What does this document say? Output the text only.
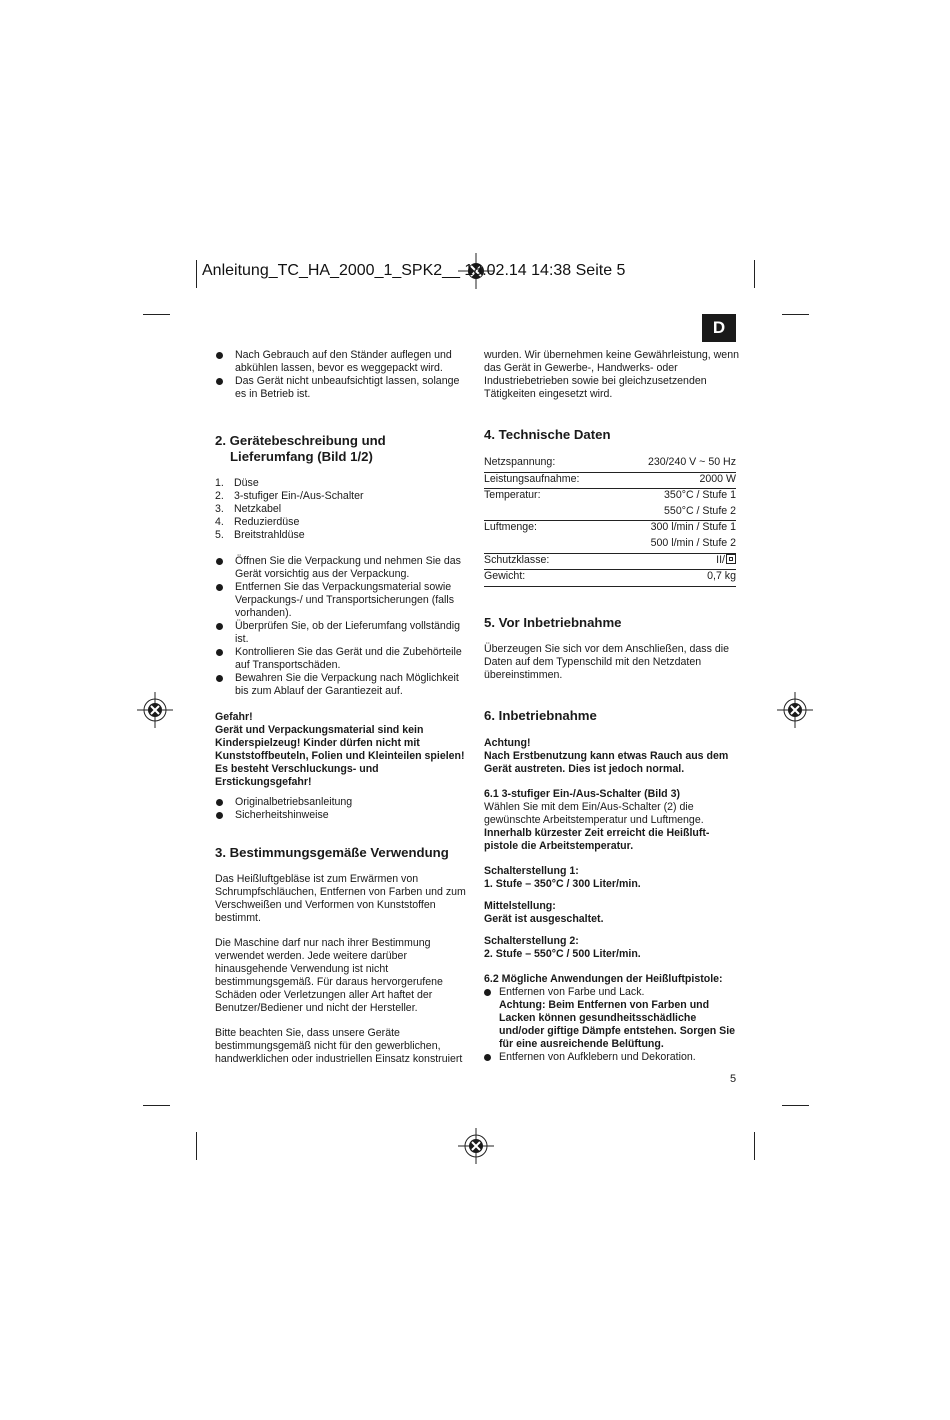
Anleitung_TC_HA_2000_1_SPK2__ 18.02.14 14:38 Seite 5
D
Nach Gebrauch auf den Ständer auflegen und abkühlen lassen, bevor es weggepackt wird.
Das Gerät nicht unbeaufsichtigt lassen, solange es in Betrieb ist.
2. Gerätebeschreibung und Lieferumfang (Bild 1/2)
1. Düse
2. 3-stufiger Ein-/Aus-Schalter
3. Netzkabel
4. Reduzierdüse
5. Breitstrahldüse
Öffnen Sie die Verpackung und nehmen Sie das Gerät vorsichtig aus der Verpackung.
Entfernen Sie das Verpackungsmaterial sowie Verpackungs-/ und Transportsicherungen (falls vorhanden).
Überprüfen Sie, ob der Lieferumfang vollständig ist.
Kontrollieren Sie das Gerät und die Zubehörteile auf Transportschäden.
Bewahren Sie die Verpackung nach Möglichkeit bis zum Ablauf der Garantiezeit auf.

Gefahr!

Gerät und Verpackungsmaterial sind kein Kinderspielzeug! Kinder dürfen nicht mit Kunststoffbeuteln, Folien und Kleinteilen spielen! Es besteht Verschluckungs- und Erstickungsgefahr!

Originalbetriebsanleitung
Sicherheitshinweise
3. Bestimmungsgemäße Verwendung

Das Heißluftgebläse ist zum Erwärmen von Schrumpfschläuchen, Entfernen von Farben und zum Verschweißen und Verformen von Kunststoffen bestimmt.

Die Maschine darf nur nach ihrer Bestimmung verwendet werden. Jede weitere darüber hinausgehende Verwendung ist nicht bestimmungsgemäß. Für daraus hervorgerufene Schäden oder Verletzungen aller Art haftet der Benutzer/Bediener und nicht der Hersteller.

Bitte beachten Sie, dass unsere Geräte bestimmungsgemäß nicht für den gewerblichen, handwerklichen oder industriellen Einsatz konstruiert

wurden. Wir übernehmen keine Gewährleistung, wenn das Gerät in Gewerbe-, Handwerks- oder Industriebetrieben sowie bei gleichzusetzenden Tätigkeiten eingesetzt wird.

4. Technische Daten
Netzspannung:	230/240 V ~ 50 Hz
Leistungsaufnahme:	2000 W
Temperatur:	350°C / Stufe 1
	550°C / Stufe 2
Luftmenge:	300 l/min / Stufe 1
	500 l/min / Stufe 2
Schutzklasse:	II/
Gewicht:	0,7 kg
5. Vor Inbetriebnahme

Überzeugen Sie sich vor dem Anschließen, dass die Daten auf dem Typenschild mit den Netzdaten übereinstimmen.

6. Inbetriebnahme

Achtung!

Nach Erstbenutzung kann etwas Rauch aus dem Gerät austreten. Dies ist jedoch normal.

6.1 3-stufiger Ein-/Aus-Schalter (Bild 3)

Wählen Sie mit dem Ein/Aus-Schalter (2) die gewünschte Arbeitstemperatur und Luftmenge.

Innerhalb kürzester Zeit erreicht die Heißluft-pistole die Arbeitstemperatur.

Schalterstellung 1:

1. Stufe – 350°C / 300 Liter/min.

Mittelstellung:

Gerät ist ausgeschaltet.

Schalterstellung 2:

2. Stufe – 550°C / 500 Liter/min.

6.2 Mögliche Anwendungen der Heißluftpistole:

Entfernen von Farbe und Lack.
Achtung: Beim Entfernen von Farben und Lacken können gesundheitsschädliche und/oder giftige Dämpfe entstehen. Sorgen Sie für eine ausreichende Belüftung.
Entfernen von Aufklebern und Dekoration.
5
